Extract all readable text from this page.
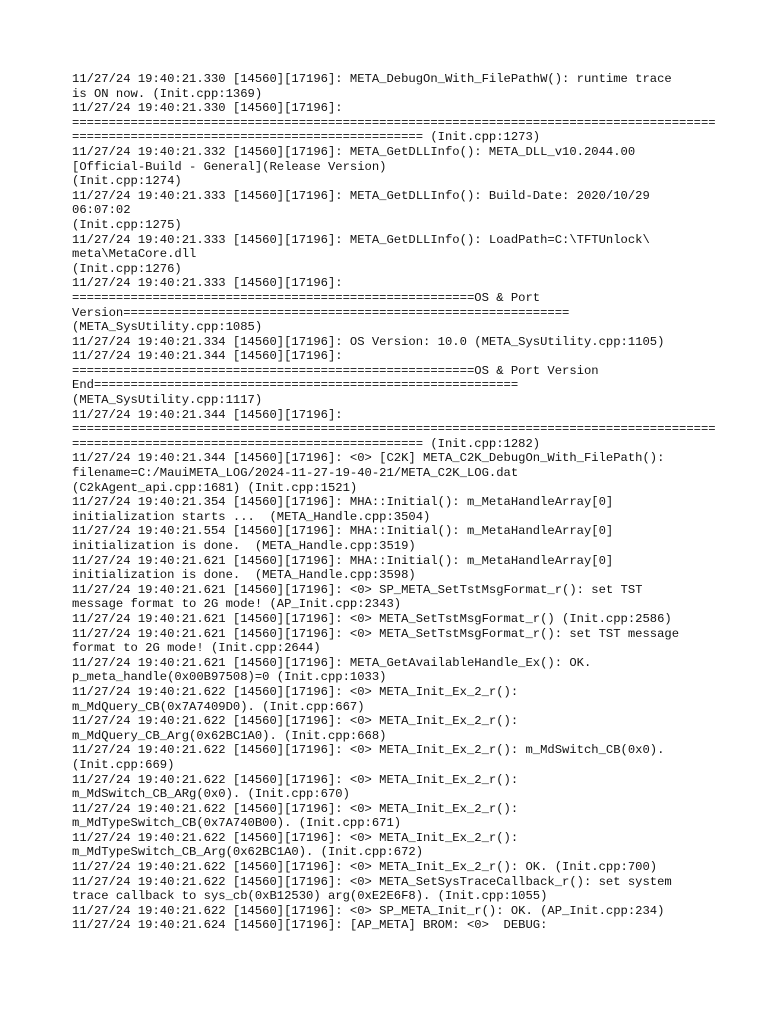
11/27/24 19:40:21.330 [14560][17196]: META_DebugOn_With_FilePathW(): runtime trace
is ON now. (Init.cpp:1369)
11/27/24 19:40:21.330 [14560][17196]:
========================================================================================
================================================ (Init.cpp:1273)
11/27/24 19:40:21.332 [14560][17196]: META_GetDLLInfo(): META_DLL_v10.2044.00
[Official-Build - General](Release Version)
(Init.cpp:1274)
11/27/24 19:40:21.333 [14560][17196]: META_GetDLLInfo(): Build-Date: 2020/10/29
06:07:02
(Init.cpp:1275)
11/27/24 19:40:21.333 [14560][17196]: META_GetDLLInfo(): LoadPath=C:\TFTUnlock\
meta\MetaCore.dll
(Init.cpp:1276)
11/27/24 19:40:21.333 [14560][17196]:
=======================================================OS & Port
Version=============================================================
(META_SysUtility.cpp:1085)
11/27/24 19:40:21.334 [14560][17196]: OS Version: 10.0 (META_SysUtility.cpp:1105)
11/27/24 19:40:21.344 [14560][17196]:
=======================================================OS & Port Version
End==========================================================
(META_SysUtility.cpp:1117)
11/27/24 19:40:21.344 [14560][17196]:
========================================================================================
================================================ (Init.cpp:1282)
11/27/24 19:40:21.344 [14560][17196]: <0> [C2K] META_C2K_DebugOn_With_FilePath():
filename=C:/MauiMETA_LOG/2024-11-27-19-40-21/META_C2K_LOG.dat
(C2kAgent_api.cpp:1681) (Init.cpp:1521)
11/27/24 19:40:21.354 [14560][17196]: MHA::Initial(): m_MetaHandleArray[0]
initialization starts ...  (META_Handle.cpp:3504)
11/27/24 19:40:21.554 [14560][17196]: MHA::Initial(): m_MetaHandleArray[0]
initialization is done.  (META_Handle.cpp:3519)
11/27/24 19:40:21.621 [14560][17196]: MHA::Initial(): m_MetaHandleArray[0]
initialization is done.  (META_Handle.cpp:3598)
11/27/24 19:40:21.621 [14560][17196]: <0> SP_META_SetTstMsgFormat_r(): set TST
message format to 2G mode! (AP_Init.cpp:2343)
11/27/24 19:40:21.621 [14560][17196]: <0> META_SetTstMsgFormat_r() (Init.cpp:2586)
11/27/24 19:40:21.621 [14560][17196]: <0> META_SetTstMsgFormat_r(): set TST message
format to 2G mode! (Init.cpp:2644)
11/27/24 19:40:21.621 [14560][17196]: META_GetAvailableHandle_Ex(): OK.
p_meta_handle(0x00B97508)=0 (Init.cpp:1033)
11/27/24 19:40:21.622 [14560][17196]: <0> META_Init_Ex_2_r():
m_MdQuery_CB(0x7A7409D0). (Init.cpp:667)
11/27/24 19:40:21.622 [14560][17196]: <0> META_Init_Ex_2_r():
m_MdQuery_CB_Arg(0x62BC1A0). (Init.cpp:668)
11/27/24 19:40:21.622 [14560][17196]: <0> META_Init_Ex_2_r(): m_MdSwitch_CB(0x0).
(Init.cpp:669)
11/27/24 19:40:21.622 [14560][17196]: <0> META_Init_Ex_2_r():
m_MdSwitch_CB_ARg(0x0). (Init.cpp:670)
11/27/24 19:40:21.622 [14560][17196]: <0> META_Init_Ex_2_r():
m_MdTypeSwitch_CB(0x7A740B00). (Init.cpp:671)
11/27/24 19:40:21.622 [14560][17196]: <0> META_Init_Ex_2_r():
m_MdTypeSwitch_CB_Arg(0x62BC1A0). (Init.cpp:672)
11/27/24 19:40:21.622 [14560][17196]: <0> META_Init_Ex_2_r(): OK. (Init.cpp:700)
11/27/24 19:40:21.622 [14560][17196]: <0> META_SetSysTraceCallback_r(): set system
trace callback to sys_cb(0xB12530) arg(0xE2E6F8). (Init.cpp:1055)
11/27/24 19:40:21.622 [14560][17196]: <0> SP_META_Init_r(): OK. (AP_Init.cpp:234)
11/27/24 19:40:21.624 [14560][17196]: [AP_META] BROM: <0>  DEBUG:
